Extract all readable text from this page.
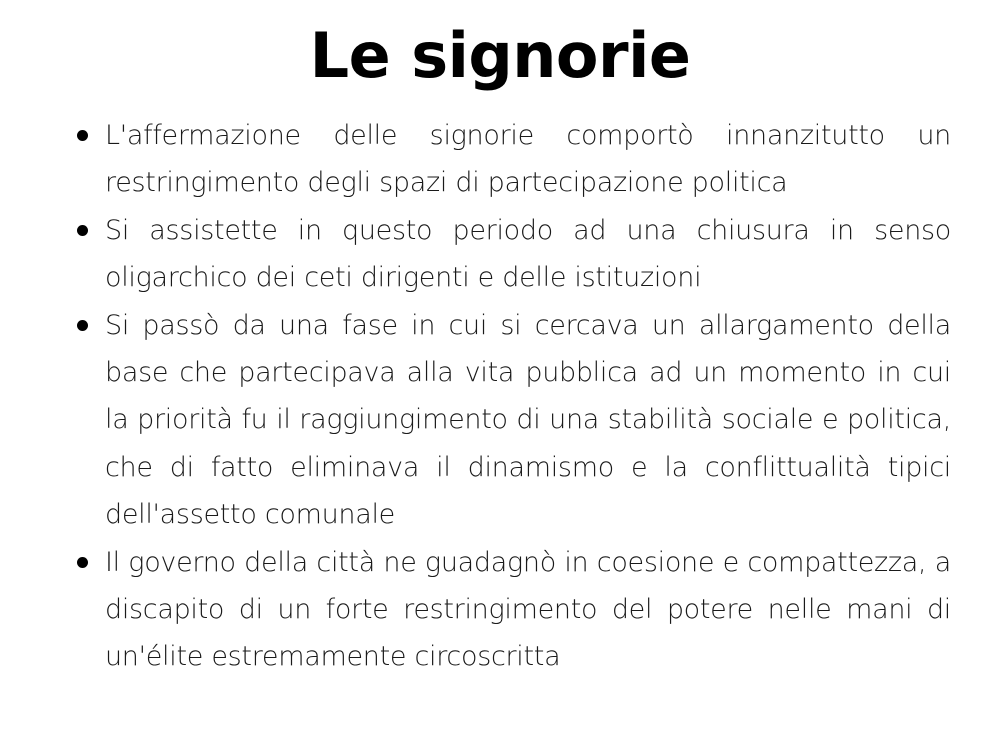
Le signorie
L'affermazione delle signorie comportò innanzitutto un restringimento degli spazi di partecipazione politica
Si assistette in questo periodo ad una chiusura in senso oligarchico dei ceti dirigenti e delle istituzioni
Si passò da una fase in cui si cercava un allargamento della base che partecipava alla vita pubblica ad un momento in cui la priorità fu il raggiungimento di una stabilità sociale e politica, che di fatto eliminava il dinamismo e la conflittualità tipici dell'assetto comunale
Il governo della città ne guadagnò in coesione e compattezza, a discapito di un forte restringimento del potere nelle mani di un'élite estremamente circoscritta
